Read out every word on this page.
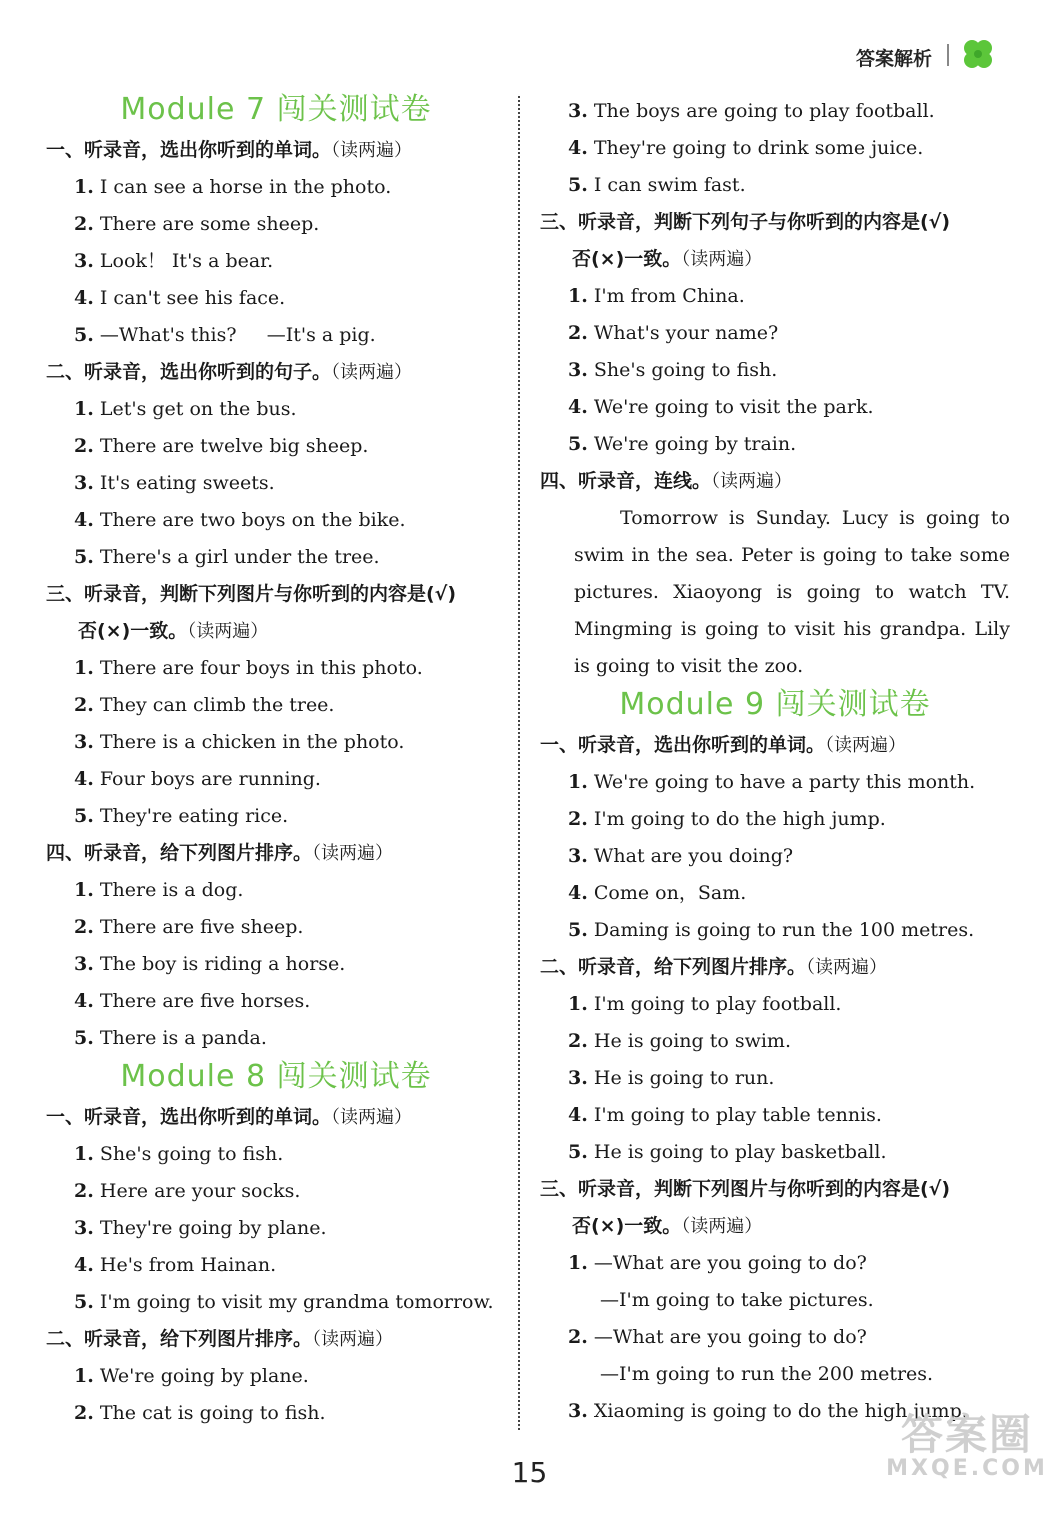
答案解析
Module 7 闯关测试卷
一、听录音，选出你听到的单词。（读两遍）
1. I can see a horse in the photo.
2. There are some sheep.
3. Look！ It's a bear.
4. I can't see his face.
5. —What's this?     —It's a pig.
二、听录音，选出你听到的句子。（读两遍）
1. Let's get on the bus.
2. There are twelve big sheep.
3. It's eating sweets.
4. There are two boys on the bike.
5. There's a girl under the tree.
三、听录音，判断下列图片与你听到的内容是(√)
否(×)一致。（读两遍）
1. There are four boys in this photo.
2. They can climb the tree.
3. There is a chicken in the photo.
4. Four boys are running.
5. They're eating rice.
四、听录音，给下列图片排序。（读两遍）
1. There is a dog.
2. There are five sheep.
3. The boy is riding a horse.
4. There are five horses.
5. There is a panda.
Module 8 闯关测试卷
一、听录音，选出你听到的单词。（读两遍）
1. She's going to fish.
2. Here are your socks.
3. They're going by plane.
4. He's from Hainan.
5. I'm going to visit my grandma tomorrow.
二、听录音，给下列图片排序。（读两遍）
1. We're going by plane.
2. The cat is going to fish.
3. The boys are going to play football.
4. They're going to drink some juice.
5. I can swim fast.
三、听录音，判断下列句子与你听到的内容是(√)
否(×)一致。（读两遍）
1. I'm from China.
2. What's your name?
3. She's going to fish.
4. We're going to visit the park.
5. We're going by train.
四、听录音，连线。（读两遍）
Tomorrow is Sunday. Lucy is going to swim in the sea. Peter is going to take some pictures. Xiaoyong is going to watch TV. Mingming is going to visit his grandpa. Lily is going to visit the zoo.
Module 9 闯关测试卷
一、听录音，选出你听到的单词。（读两遍）
1. We're going to have a party this month.
2. I'm going to do the high jump.
3. What are you doing?
4. Come on，Sam.
5. Daming is going to run the 100 metres.
二、听录音，给下列图片排序。（读两遍）
1. I'm going to play football.
2. He is going to swim.
3. He is going to run.
4. I'm going to play table tennis.
5. He is going to play basketball.
三、听录音，判断下列图片与你听到的内容是(√)
否(×)一致。（读两遍）
1. —What are you going to do?
—I'm going to take pictures.
2. —What are you going to do?
—I'm going to run the 200 metres.
3. Xiaoming is going to do the high jump.
15
答案圈
MXQE.COM
